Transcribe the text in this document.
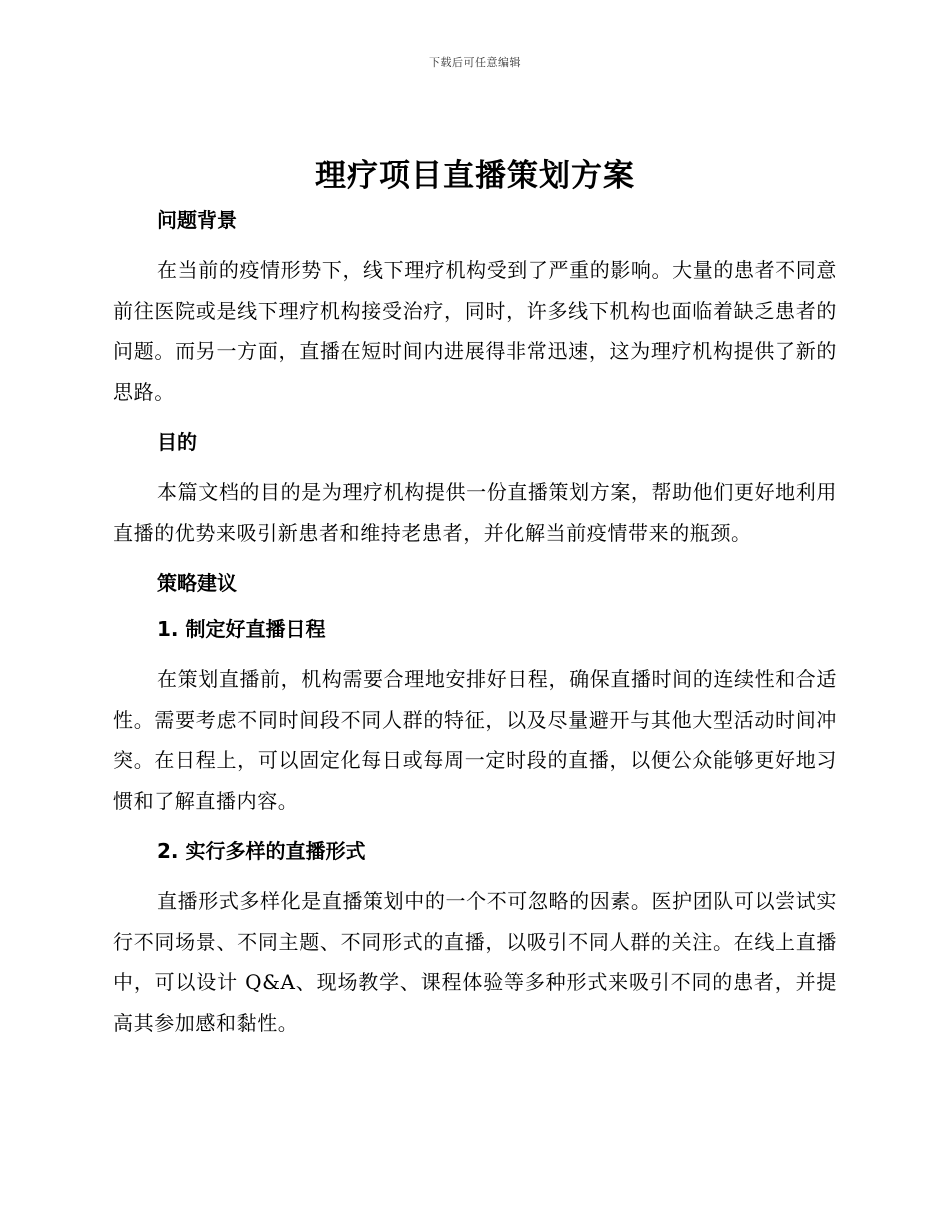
下载后可任意编辑
理疗项目直播策划方案
问题背景

在当前的疫情形势下，线下理疗机构受到了严重的影响。大量的患者不同意前往医院或是线下理疗机构接受治疗，同时，许多线下机构也面临着缺乏患者的问题。而另一方面，直播在短时间内进展得非常迅速，这为理疗机构提供了新的思路。

目的

本篇文档的目的是为理疗机构提供一份直播策划方案，帮助他们更好地利用直播的优势来吸引新患者和维持老患者，并化解当前疫情带来的瓶颈。

策略建议
1. 制定好直播日程

在策划直播前，机构需要合理地安排好日程，确保直播时间的连续性和合适性。需要考虑不同时间段不同人群的特征，以及尽量避开与其他大型活动时间冲突。在日程上，可以固定化每日或每周一定时段的直播，以便公众能够更好地习惯和了解直播内容。

2. 实行多样的直播形式

直播形式多样化是直播策划中的一个不可忽略的因素。医护团队可以尝试实行不同场景、不同主题、不同形式的直播，以吸引不同人群的关注。在线上直播中，可以设计 Q&A、现场教学、课程体验等多种形式来吸引不同的患者，并提高其参加感和黏性。
